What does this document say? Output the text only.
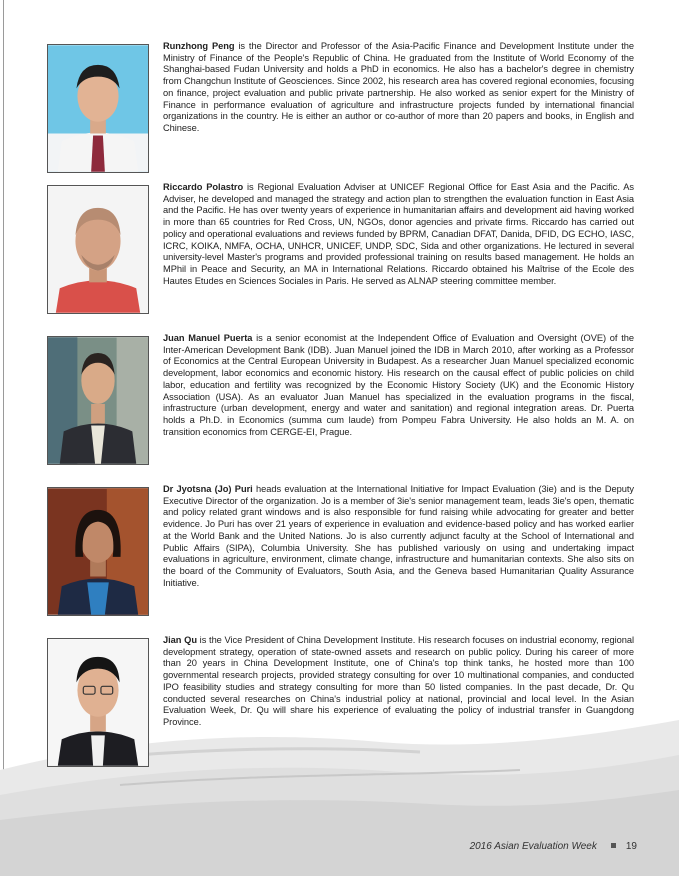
Runzhong Peng is the Director and Professor of the Asia-Pacific Finance and Development Institute under the Ministry of Finance of the People's Republic of China. He graduated from the Institute of World Economy of the Shanghai-based Fudan University and holds a PhD in economics. He also has a bachelor's degree in chemistry from Changchun Institute of Geosciences. Since 2002, his research area has covered regional economies, focusing on finance, project evaluation and public private partnership. He also worked as senior expert for the Ministry of Finance in performance evaluation of agriculture and infrastructure projects funded by international financial organizations in the country. He is either an author or co-author of more than 20 papers and books, in English and Chinese.

Riccardo Polastro is Regional Evaluation Adviser at UNICEF Regional Office for East Asia and the Pacific. As Adviser, he developed and managed the strategy and action plan to strengthen the evaluation function in East Asia and the Pacific. He has over twenty years of experience in humanitarian affairs and development aid having worked in more than 65 countries for Red Cross, UN, NGOs, donor agencies and private firms. Riccardo has carried out policy and operational evaluations and reviews funded by BPRM, Canadian DFAT, Danida, DFID, DG ECHO, IASC, ICRC, KOIKA, NMFA, OCHA, UNHCR, UNICEF, UNDP, SDC, Sida and other organizations. He lectured in several university-level Master's programs and provided professional training on results based management. He holds an MPhil in Peace and Security, an MA in International Relations. Riccardo obtained his Maîtrise of the Ecole des Hautes Etudes en Sciences Sociales in Paris. He served as ALNAP steering committee member.

Juan Manuel Puerta is a senior economist at the Independent Office of Evaluation and Oversight (OVE) of the Inter-American Development Bank (IDB). Juan Manuel joined the IDB in March 2010, after working as a Professor of Economics at the Central European University in Budapest. As a researcher Juan Manuel specialized economic development, labor economics and economic history. His research on the causal effect of public policies on child labor, education and fertility was recognized by the Economic History Society (UK) and the Economic History Association (USA). As an evaluator Juan Manuel has specialized in the evaluation programs in the fiscal, infrastructure (urban development, energy and water and sanitation) and regional integration areas. Dr. Puerta holds a Ph.D. in Economics (summa cum laude) from Pompeu Fabra University. He also holds an M. A. on transition economics from CERGE-EI, Prague.

Dr Jyotsna (Jo) Puri heads evaluation at the International Initiative for Impact Evaluation (3ie) and is the Deputy Executive Director of the organization. Jo is a member of 3ie's senior management team, leads 3ie's open, thematic and policy related grant windows and is also responsible for fund raising while advocating for greater and better evidence. Jo Puri has over 21 years of experience in evaluation and evidence-based policy and has worked earlier at the World Bank and the United Nations. Jo is also currently adjunct faculty at the School of International and Public Affairs (SIPA), Columbia University. She has published variously on using and undertaking impact evaluations in agriculture, environment, climate change, infrastructure and humanitarian contexts. She also sits on the board of the Community of Evaluators, South Asia, and the Geneva based Humanitarian Quality Assurance Initiative.

Jian Qu is the Vice President of China Development Institute. His research focuses on industrial economy, regional development strategy, operation of state-owned assets and research on public policy. During his career of more than 20 years in China Development Institute, one of China's top think tanks, he hosted more than 100 governmental research projects, provided strategy consulting for over 10 multinational companies, and conducted IPO feasibility studies and strategy consulting for more than 50 listed companies. In the past decade, Dr. Qu conducted several researches on China's industrial policy at national, provincial and local level. In the Asian Evaluation Week, Dr. Qu will share his experience of evaluating the policy of industrial transfer in Guangdong Province.

2016 Asian Evaluation Week	19
